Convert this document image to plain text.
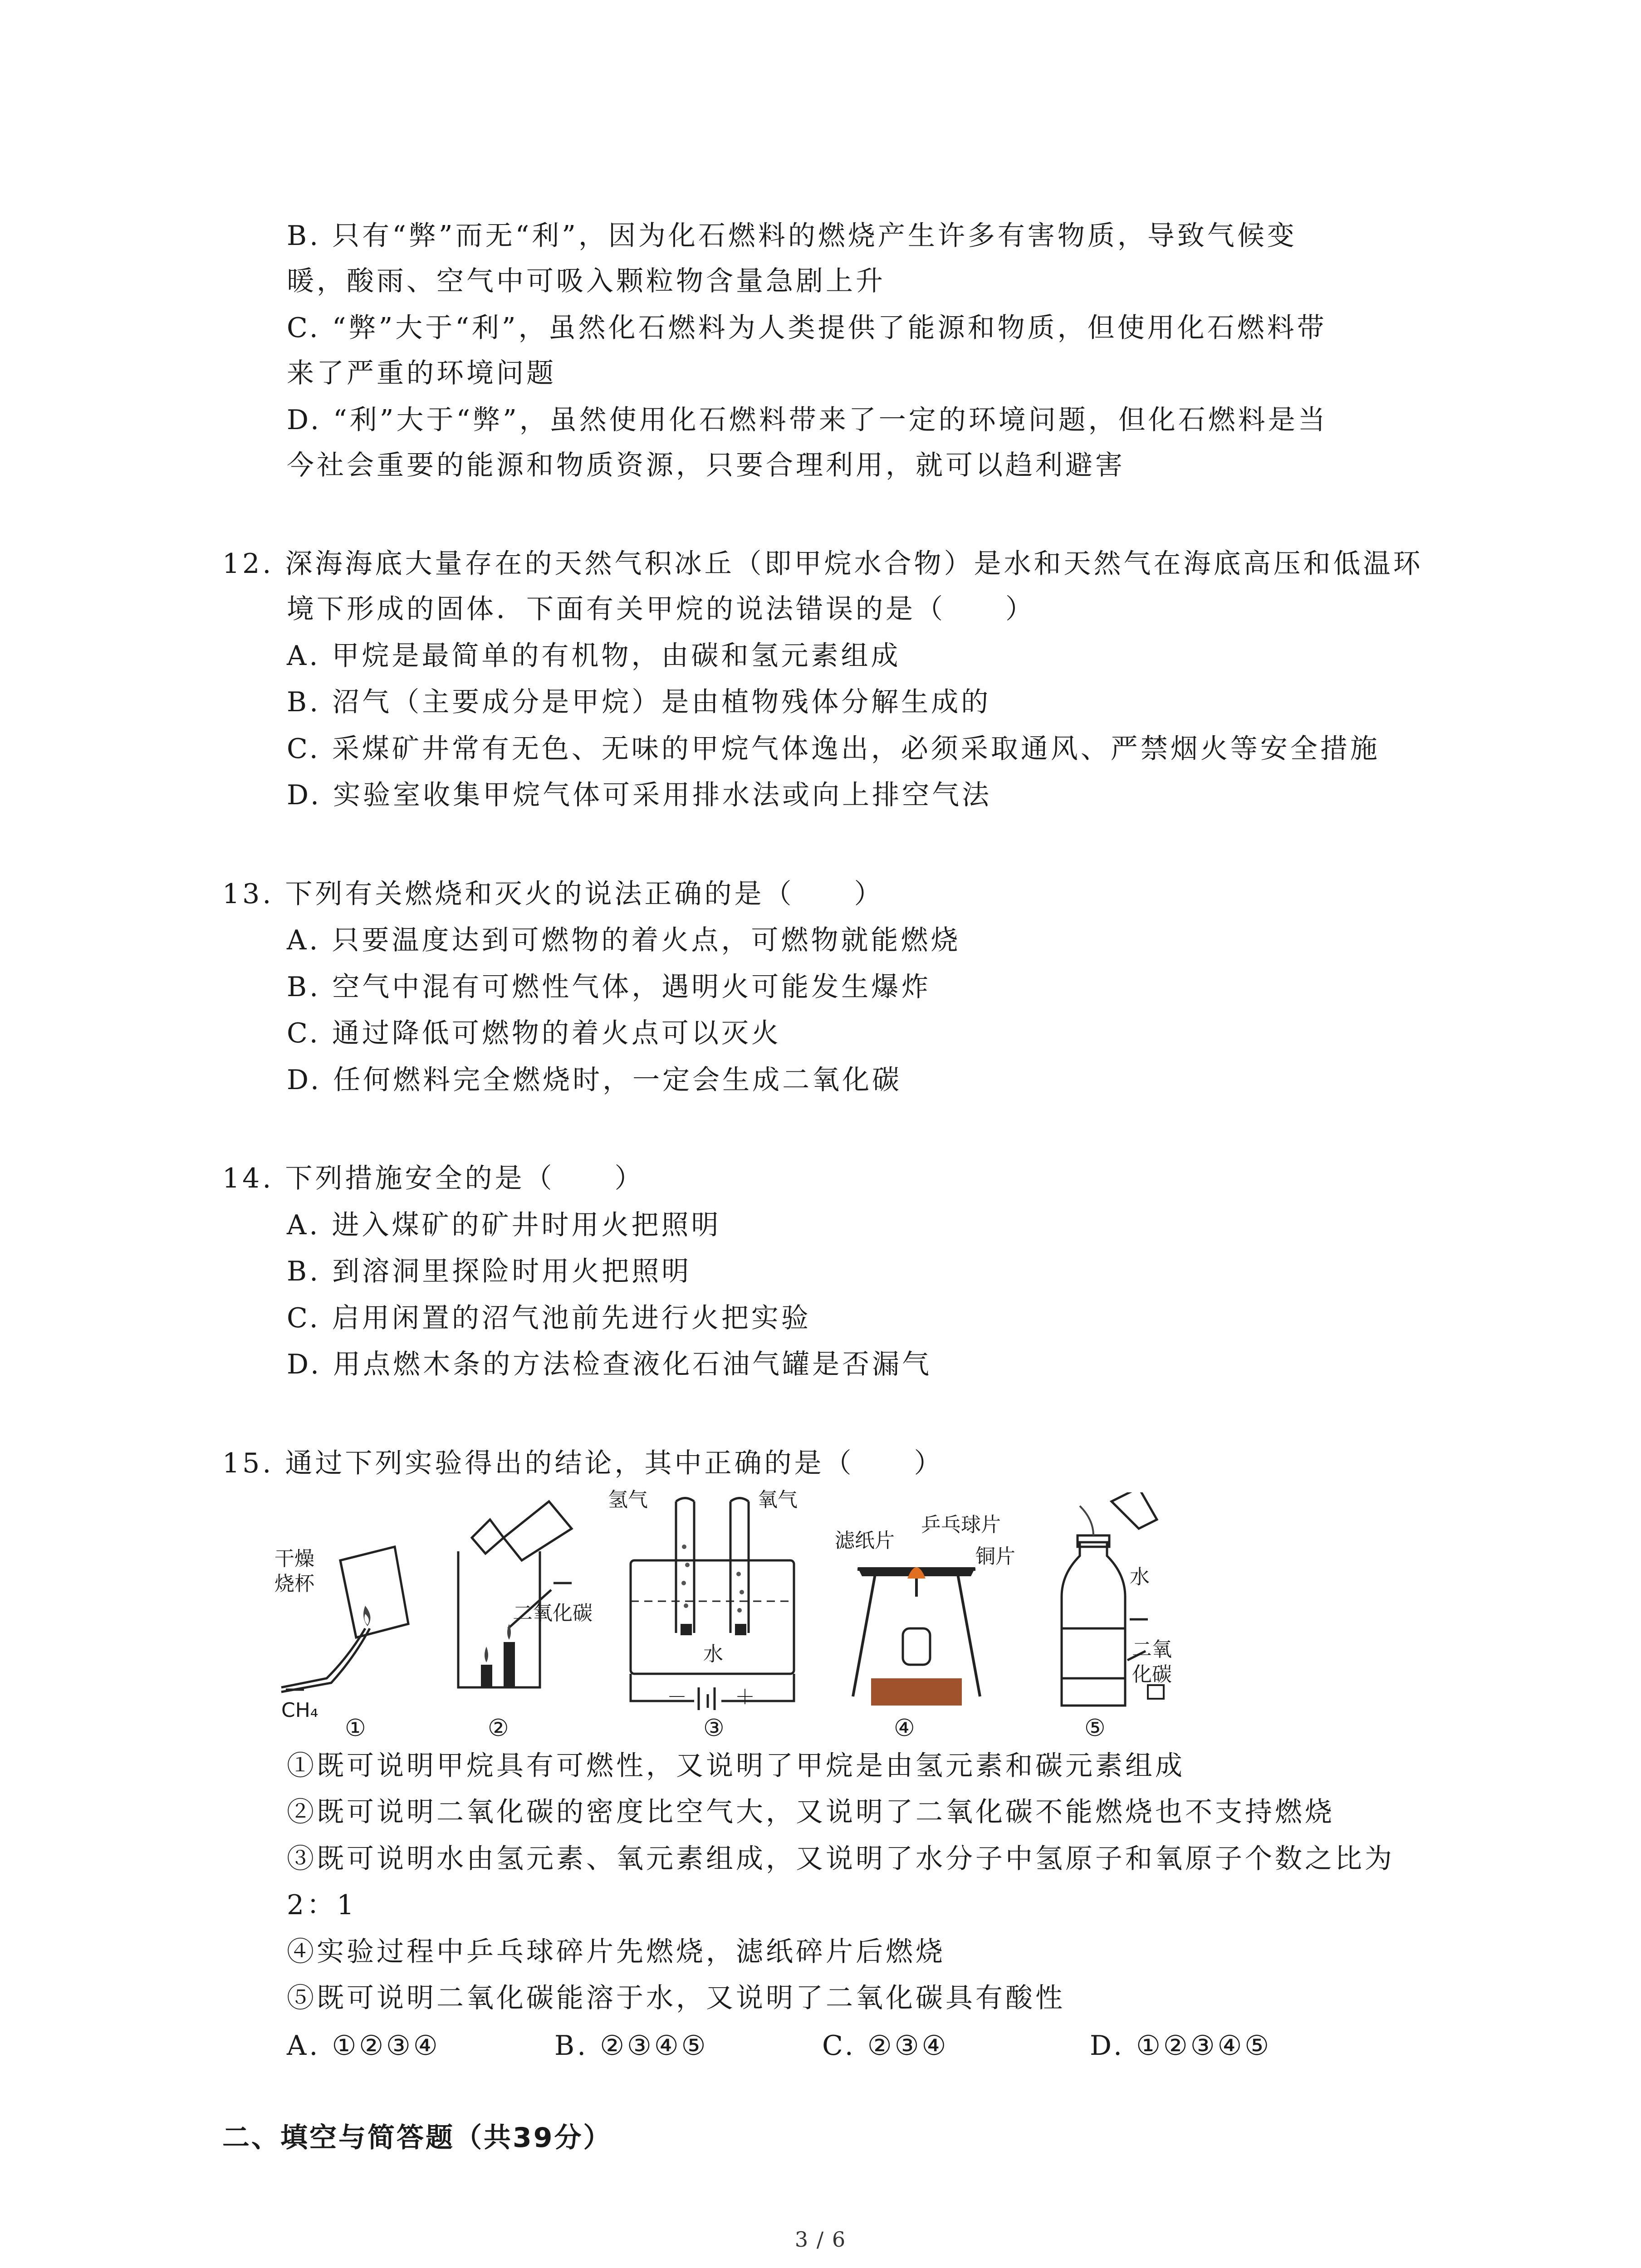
B. 只有“弊”而无“利”，因为化石燃料的燃烧产生许多有害物质，导致气候变
暖，酸雨、空气中可吸入颗粒物含量急剧上升
C. “弊”大于“利”，虽然化石燃料为人类提供了能源和物质，但使用化石燃料带
来了严重的环境问题
D. “利”大于“弊”，虽然使用化石燃料带来了一定的环境问题，但化石燃料是当
今社会重要的能源和物质资源，只要合理利用，就可以趋利避害
12. 深海海底大量存在的天然气积冰丘（即甲烷水合物）是水和天然气在海底高压和低温环
境下形成的固体．下面有关甲烷的说法错误的是（　　）
A. 甲烷是最简单的有机物，由碳和氢元素组成
B. 沼气（主要成分是甲烷）是由植物残体分解生成的
C. 采煤矿井常有无色、无味的甲烷气体逸出，必须采取通风、严禁烟火等安全措施
D. 实验室收集甲烷气体可采用排水法或向上排空气法
13. 下列有关燃烧和灭火的说法正确的是（　　）
A. 只要温度达到可燃物的着火点，可燃物就能燃烧
B. 空气中混有可燃性气体，遇明火可能发生爆炸
C. 通过降低可燃物的着火点可以灭火
D. 任何燃料完全燃烧时，一定会生成二氧化碳
14. 下列措施安全的是（　　）
A. 进入煤矿的矿井时用火把照明
B. 到溶洞里探险时用火把照明
C. 启用闲置的沼气池前先进行火把实验
D. 用点燃木条的方法检查液化石油气罐是否漏气
15. 通过下列实验得出的结论，其中正确的是（　　）
干燥
烧杯
CH₄
二氧化碳
氢气	氧气
水
－ ＋
滤纸片
乒乓球片
铜片
水
二氧
化碳
①	②	③	④	⑤
①既可说明甲烷具有可燃性，又说明了甲烷是由氢元素和碳元素组成
②既可说明二氧化碳的密度比空气大，又说明了二氧化碳不能燃烧也不支持燃烧
③既可说明水由氢元素、氧元素组成，又说明了水分子中氢原子和氧原子个数之比为
2：1
④实验过程中乒乓球碎片先燃烧，滤纸碎片后燃烧
⑤既可说明二氧化碳能溶于水，又说明了二氧化碳具有酸性
A. ①②③④	B. ②③④⑤	C. ②③④	D. ①②③④⑤
二、填空与简答题（共39分）
3 / 6
